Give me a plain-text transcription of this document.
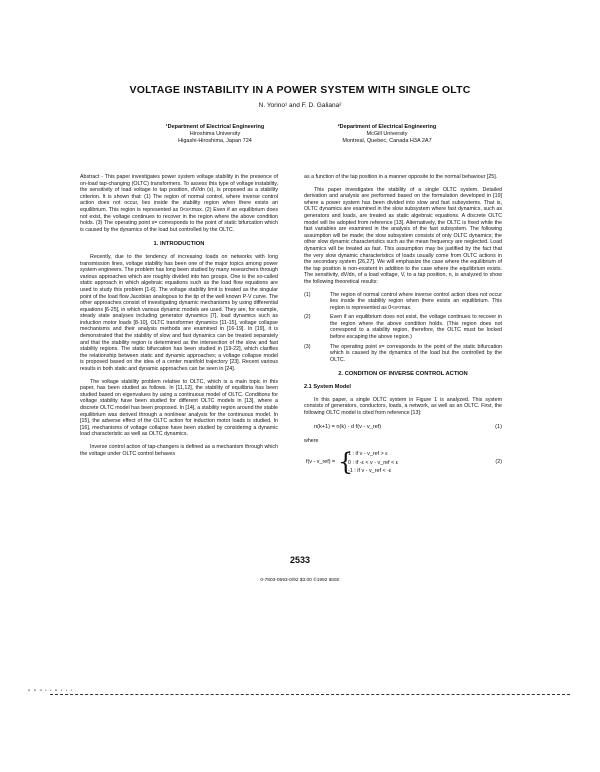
VOLTAGE INSTABILITY IN A POWER SYSTEM WITH SINGLE OLTC
N. Yorino¹ and F. D. Galiana²
¹Department of Electrical Engineering
Hiroshima University
Higashi-Hiroshima, Japan 724
²Department of Electrical Engineering
McGill University
Montreal, Quebec, Canada H3A 2A7

Abstract - This paper investigates power system voltage stability in the presence of on-load tap-changing (OLTC) transformers. To assess this type of voltage instability, the sensitivity of load voltage to tap position, dV/dn (s), is proposed as a stability criterion. It is shown that: (1) The region of normal control, where inverse control action does not occur, lies inside the stability region when there exists an equilibrium. This region is represented as 0<s<max. (2) Even if an equilibrium does not exist, the voltage continues to recover in the region where the above condition holds. (3) The operating point s= corresponds to the point of static bifurcation which is caused by the dynamics of the load but controlled by the OLTC.

1. INTRODUCTION

Recently, due to the tendency of increasing loads on networks with long transmission lines, voltage stability has been one of the major topics among power system engineers. The problem has long been studied by many researchers through various approaches which are roughly divided into two groups. One is the so-called static approach in which algebraic equations such as the load flow equations are used to study this problem [1-6]. The voltage stability limit is treated as the singular point of the load flow Jacobian analogous to the tip of the well known P-V curve. The other approaches consist of investigating dynamic mechanisms by using differential equations [6-25], in which various dynamic models are used. They are, for example, steady state analyses including generator dynamics [7], load dynamics such as induction motor loads [8-10], OLTC transformer dynamics [11-15], voltage collapse mechanisms and their analysis methods are examined in [16-19]. In [19], it is demonstrated that the stability of slow and fast dynamics can be treated separately and that the stability region is determined as the intersection of the slow and fast stability regions. The static bifurcation has been studied in [19-22], which clarifies the relationship between static and dynamic approaches; a voltage collapse model is proposed based on the idea of a center manifold trajectory [23]. Recent various results in both static and dynamic approaches can be seen in [24].

The voltage stability problem relative to OLTC, which is a main topic in this paper, has been studied as follows. In [11,12], the stability of equilibria has been studied based on eigenvalues by using a continuous model of OLTC. Conditions for voltage stability have been studied for different OLTC models in [13], where a discrete OLTC model has been proposed. In [14], a stability region around the stable equilibrium was derived through a nonlinear analysis for the continuous model. In [15], the adverse effect of the OLTC action for induction motor loads is studied. In [16], mechanisms of voltage collapse have been studied by considering a dynamic load characteristic as well as OLTC dynamics.

Inverse control action of tap-changers is defined as a mechanism through which the voltage under OLTC control behaves

as a function of the tap position in a manner opposite to the normal behaviour [25].

This paper investigates the stability of a single OLTC system. Detailed derivation and analysis are performed based on the formulation developed in [19] where a power system has been divided into slow and fast subsystems. That is, OLTC dynamics are examined in the slow subsystem where fast dynamics, such as generators and loads, are treated as static algebraic equations. A discrete OLTC model will be adopted from reference [13]. Alternatively, the OLTC is fixed while the fast variables are examined in the analysis of the fast subsystem. The following assumption will be made; the slow subsystem consists of only OLTC dynamics; the other slow dynamic characteristics such as the mean frequency are neglected. Load dynamics will be treated as fast. This assumption may be justified by the fact that the very slow dynamic characteristics of loads usually come from OLTC actions in the secondary system [26,27]. We will emphasize the case where the equilibrium of the tap position is non-existent in addition to the case where the equilibrium exists. The sensitivity, dV/dn, of a load voltage, V, to a tap position, n, is analyzed to show the following theoretical results:

(1)	The region of normal control where inverse control action does not occur lies inside the stability region when there exists an equilibrium. This region is represented as 0<s<max.
(2)	Even if an equilibrium does not exist, the voltage continues to recover in the region where the above condition holds. (This region does not correspond to a stability region, therefore, the OLTC must be locked before escaping the above region.)
(3)	The operating point s= corresponds to the point of the static bifurcation which is caused by the dynamics of the load but the controlled by the OLTC.
2. CONDITION OF INVERSE CONTROL ACTION
2.1 System Model

In this paper, a single OLTC system in Figure 1 is analyzed. This system consists of generators, conductors, loads, a network, as well as an OLTC. First, the following OLTC model is cited from reference [13]:

n(k+1) = n(k) - d f(v - v_ref)	(1)
where
f(v - v_ref) = {
1 : if v - v_ref > ε
0 : if -ε < v - v_ref < ε
-1 : if v - v_ref < -ε
(2)
2533
0-7803-0593-0/92 $3.00 ©1992 IEEE
" " " ' ' " ' ' '
